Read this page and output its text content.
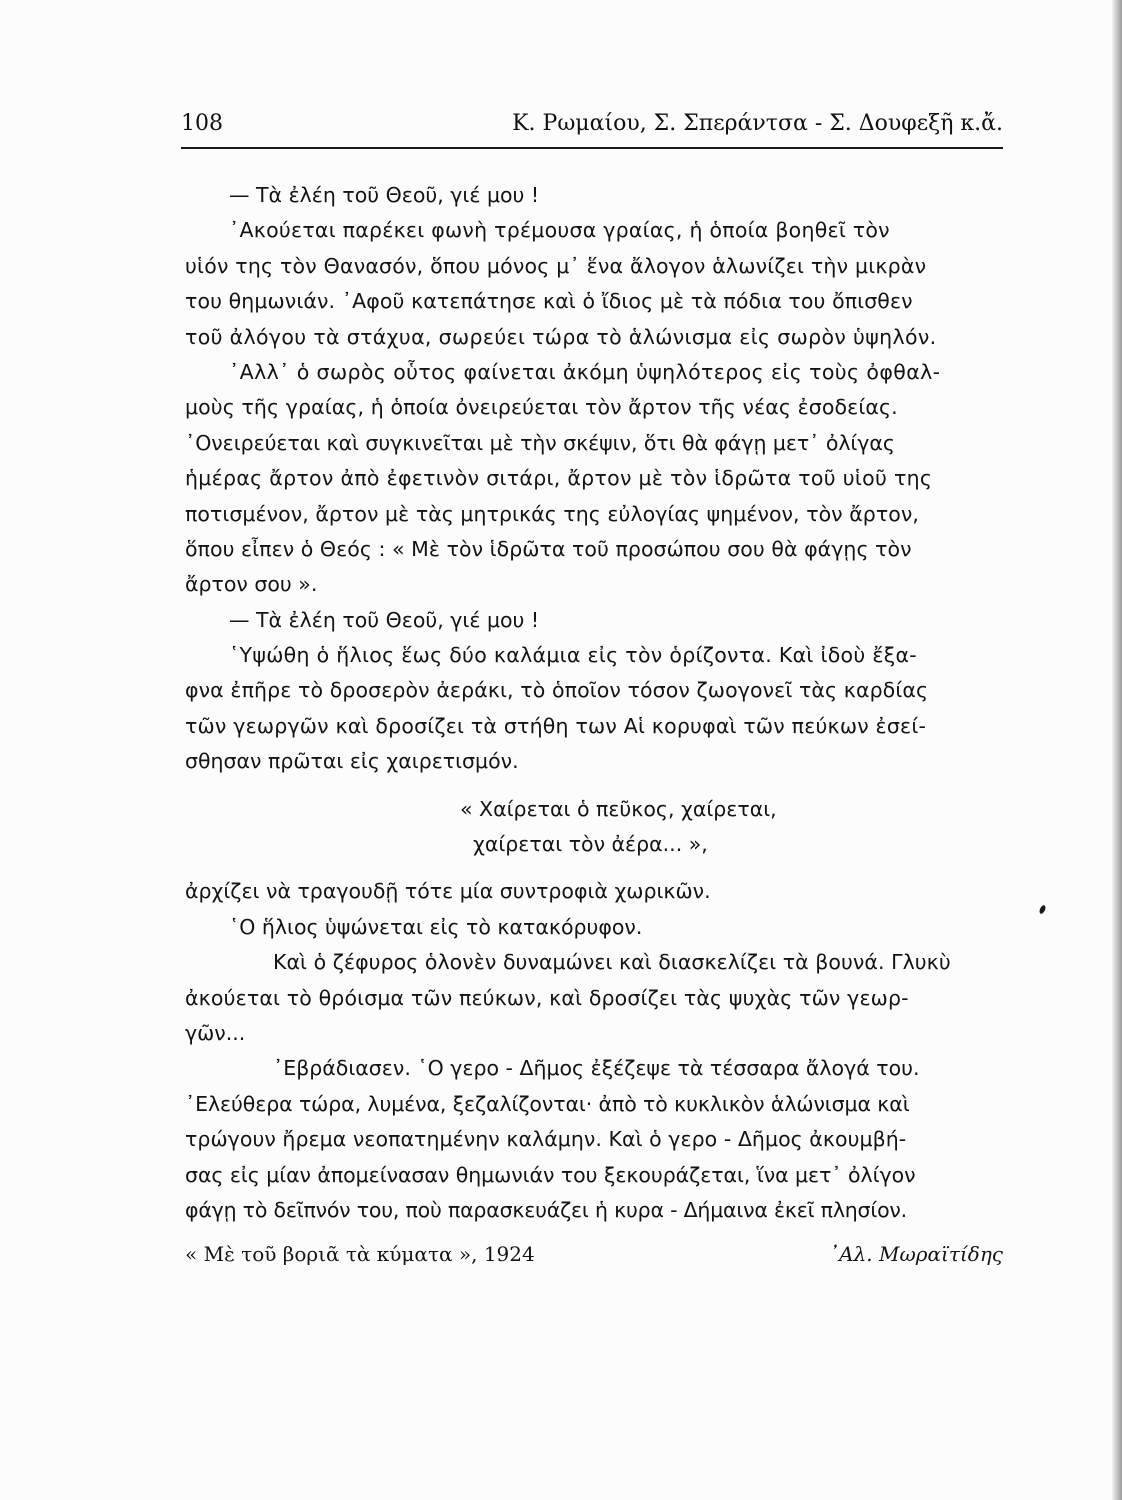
108	Κ. Ρωμαίου, Σ. Σπεράντσα - Σ. Δουφεξῆ κ.ἄ.
— Τὰ ἐλέη τοῦ Θεοῦ, γιέ μου !
᾿Ακούεται παρέκει φωνὴ τρέμουσα γραίας, ἡ ὁποία βοηθεῖ τὸν
υἱόν της τὸν Θανασόν, ὅπου μόνος μ᾿ ἕνα ἄλογον ἁλωνίζει τὴν μικρὰν
του θημωνιάν. ᾿Αφοῦ κατεπάτησε καὶ ὁ ἴδιος μὲ τὰ πόδια του ὄπισθεν
τοῦ ἀλόγου τὰ στάχυα, σωρεύει τώρα τὸ ἁλώνισμα εἰς σωρὸν ὑψηλόν.
᾿Αλλ᾿ ὁ σωρὸς οὗτος φαίνεται ἀκόμη ὑψηλότερος εἰς τοὺς ὀφθαλ-
μοὺς τῆς γραίας, ἡ ὁποία ὀνειρεύεται τὸν ἄρτον τῆς νέας ἐσοδείας.
᾿Ονειρεύεται καὶ συγκινεῖται μὲ τὴν σκέψιν, ὅτι θὰ φάγῃ μετ᾿ ὀλίγας
ἡμέρας ἄρτον ἀπὸ ἐφετινὸν σιτάρι, ἄρτον μὲ τὸν ἱδρῶτα τοῦ υἱοῦ της
ποτισμένον, ἄρτον μὲ τὰς μητρικάς της εὐλογίας ψημένον, τὸν ἄρτον,
ὅπου εἶπεν ὁ Θεός : « Μὲ τὸν ἱδρῶτα τοῦ προσώπου σου θὰ φάγῃς τὸν
ἄρτον σου ».
— Τὰ ἐλέη τοῦ Θεοῦ, γιέ μου !
῾Υψώθη ὁ ἥλιος ἕως δύο καλάμια εἰς τὸν ὁρίζοντα. Καὶ ἰδοὺ ἔξα-
φνα ἐπῆρε τὸ δροσερὸν ἀεράκι, τὸ ὁποῖον τόσον ζωογονεῖ τὰς καρδίας
τῶν γεωργῶν καὶ δροσίζει τὰ στήθη των Αἱ κορυφαὶ τῶν πεύκων ἐσεί-
σθησαν πρῶται εἰς χαιρετισμόν.
« Χαίρεται ὁ πεῦκος, χαίρεται,
χαίρεται τὸν ἀέρα... »,
ἀρχίζει νὰ τραγουδῇ τότε μία συντροφιὰ χωρικῶν.
῾Ο ἥλιος ὑψώνεται εἰς τὸ κατακόρυφον.
Καὶ ὁ ζέφυρος ὁλονὲν δυναμώνει καὶ διασκελίζει τὰ βουνά. Γλυκὺ
ἀκούεται τὸ θρόισμα τῶν πεύκων, καὶ δροσίζει τὰς ψυχὰς τῶν γεωρ-
γῶν...
᾿Εβράδιασεν. ῾Ο γερο - Δῆμος ἐξέζεψε τὰ τέσσαρα ἄλογά του.
᾿Ελεύθερα τώρα, λυμένα, ξεζαλίζονται· ἀπὸ τὸ κυκλικὸν ἁλώνισμα καὶ
τρώγουν ἤρεμα νεοπατημένην καλάμην. Καὶ ὁ γερο - Δῆμος ἀκουμβή-
σας εἰς μίαν ἀπομείνασαν θημωνιάν του ξεκουράζεται, ἵνα μετ᾿ ὀλίγον
φάγῃ τὸ δεῖπνόν του, ποὺ παρασκευάζει ἡ κυρα - Δήμαινα ἐκεῖ πλησίον.
« Μὲ τοῦ βοριᾶ τὰ κύματα », 1924	᾿Αλ. Μωραϊτίδης
